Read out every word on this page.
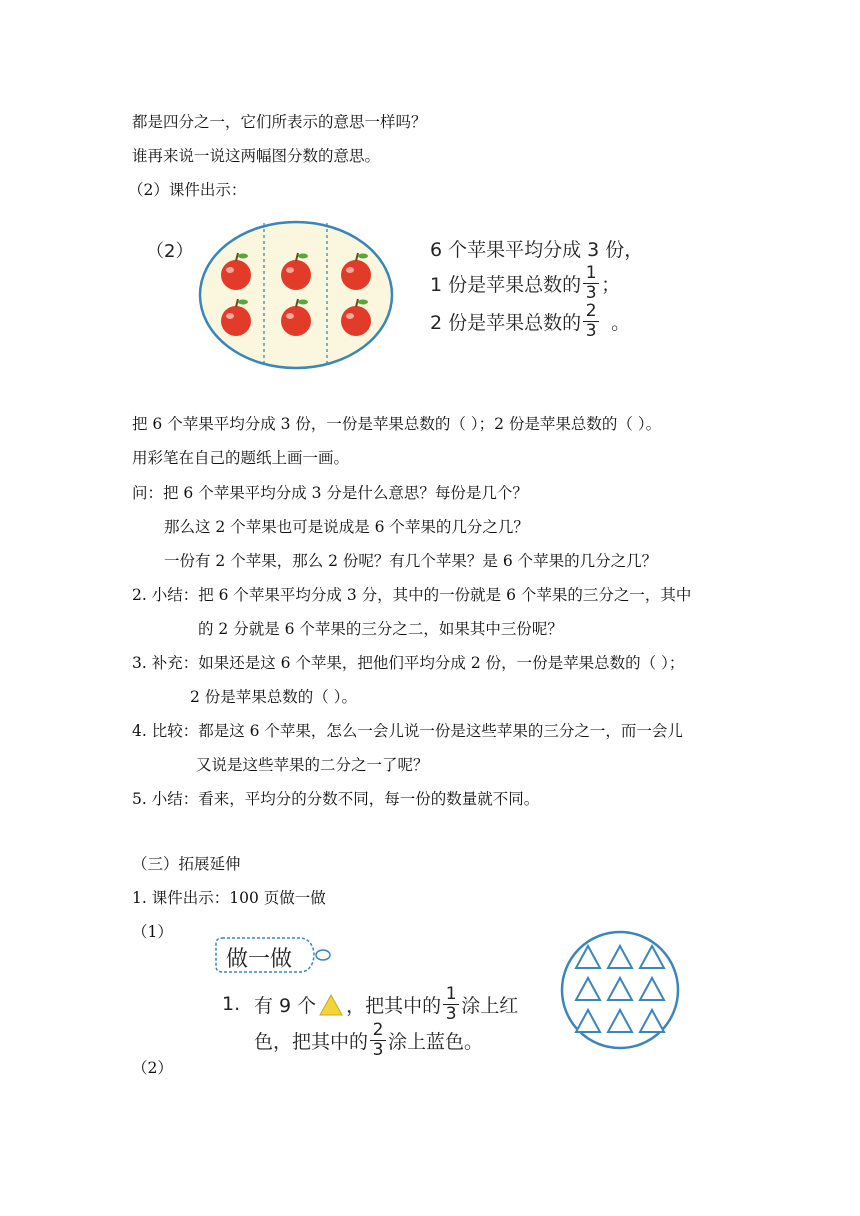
都是四分之一，它们所表示的意思一样吗？
谁再来说一说这两幅图分数的意思。
（2）课件出示：
（2）	6 个苹果平均分成 3 份，
1 份是苹果总数的 $\frac{1}{3}$ ；
2 份是苹果总数的 $\frac{2}{3}$ 。
把 6 个苹果平均分成 3 份，一份是苹果总数的（ ）；2 份是苹果总数的（ ）。
用彩笔在自己的题纸上画一画。
问：把 6 个苹果平均分成 3 分是什么意思？每份是几个？
那么这 2 个苹果也可是说成是 6 个苹果的几分之几？
一份有 2 个苹果，那么 2 份呢？有几个苹果？是 6 个苹果的几分之几？
2. 小结：把 6 个苹果平均分成 3 分，其中的一份就是 6 个苹果的三分之一，其中
的 2 分就是 6 个苹果的三分之二，如果其中三份呢？
3. 补充：如果还是这 6 个苹果，把他们平均分成 2 份，一份是苹果总数的（ ）；
2 份是苹果总数的（ ）。
4. 比较：都是这 6 个苹果，怎么一会儿说一份是这些苹果的三分之一，而一会儿
又说是这些苹果的二分之一了呢？
5. 小结：看来，平均分的分数不同，每一份的数量就不同。
（三）拓展延伸
1. 课件出示：100 页做一做
（1）
做一做
1. 有 9 个 ，把其中的 $\frac{1}{3}$ 涂上红
色，把其中的 $\frac{2}{3}$ 涂上蓝色。
（2）
